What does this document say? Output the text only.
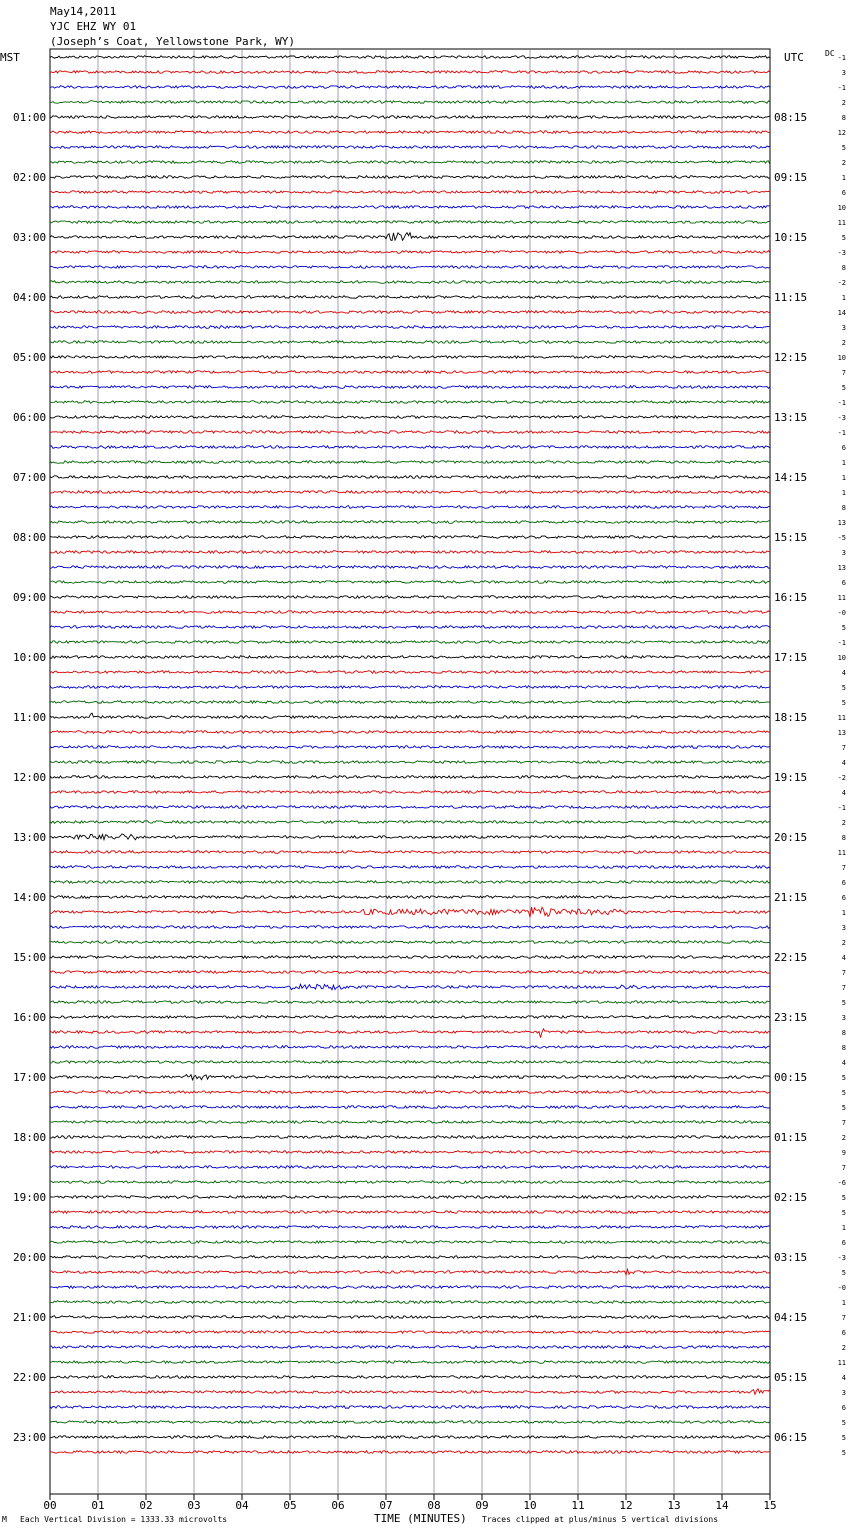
May14,2011
YJC EHZ WY 01
(Joseph’s Coat, Yellowstone Park, WY)
MST	UTC	DC
00	01	02	03	04	05	06	07	08	09	10	11	12	13	14	15
-1
3
-1
2
8
12
5
2
1
6
10
11
5
-3
8
-2
1
14
3
2
10
7
5
-1
-3
-1
6
1
1
1
8
13
-5
3
13
6
11
-0
5
-1
10
4
5
5
11
13
7
4
-2
4
-1
2
8
11
7
6
6
1
3
2
4
7
7
5
3
8
8
4
5
5
5
7
2
9
7
-6
5
5
1
6
-3
5
-0
1
7
6
2
11
4
3
6
5
5
5
01:00	08:15
02:00	09:15
03:00	10:15
04:00	11:15
05:00	12:15
06:00	13:15
07:00	14:15
08:00	15:15
09:00	16:15
10:00	17:15
11:00	18:15
12:00	19:15
13:00	20:15
14:00	21:15
15:00	22:15
16:00	23:15
17:00	00:15
18:00	01:15
19:00	02:15
20:00	03:15
21:00	04:15
22:00	05:15
23:00	06:15
M Each Vertical Division = 1333.33 microvolts	TIME (MINUTES) Traces clipped at plus/minus 5 vertical divisions
